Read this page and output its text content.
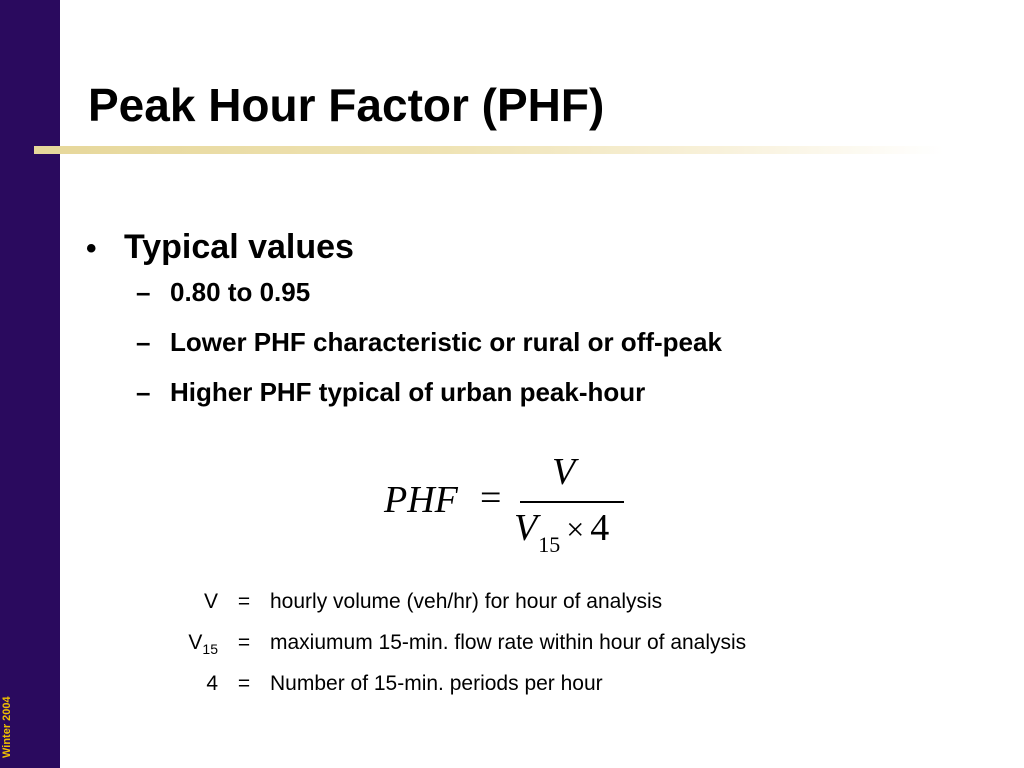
Winter 2004
Peak Hour Factor (PHF)
• Typical values
– 0.80 to 0.95
– Lower PHF characteristic or rural or off-peak
– Higher PHF typical of urban peak-hour
PHF =
V
$V_{15} \times 4$
V = hourly volume (veh/hr) for hour of analysis
$V_{15}$ = maxiumum 15-min. flow rate within hour of analysis
4 = Number of 15-min. periods per hour
